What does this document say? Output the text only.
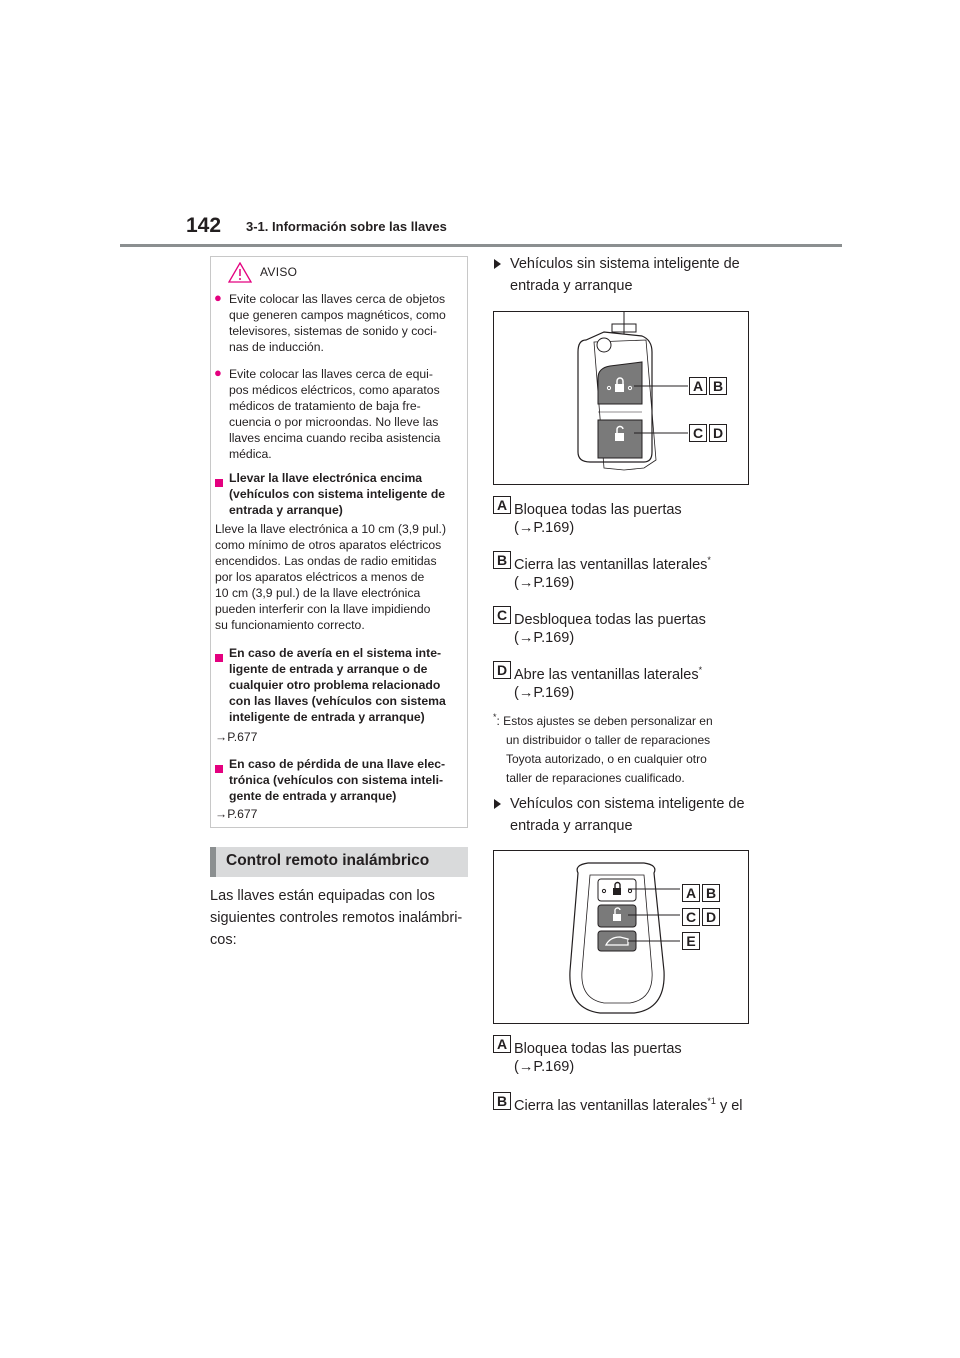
142 3-1. Información sobre las llaves
AVISO
● Evite colocar las llaves cerca de objetos
que generen campos magnéticos, como
televisores, sistemas de sonido y coci-
nas de inducción.
● Evite colocar las llaves cerca de equi-
pos médicos eléctricos, como aparatos
médicos de tratamiento de baja fre-
cuencia o por microondas. No lleve las
llaves encima cuando reciba asistencia
médica.
Llevar la llave electrónica encima
(vehículos con sistema inteligente de
entrada y arranque)
Lleve la llave electrónica a 10 cm (3,9 pul.)
como mínimo de otros aparatos eléctricos
encendidos. Las ondas de radio emitidas
por los aparatos eléctricos a menos de
10 cm (3,9 pul.) de la llave electrónica
pueden interferir con la llave impidiendo
su funcionamiento correcto.
En caso de avería en el sistema inte-
ligente de entrada y arranque o de
cualquier otro problema relacionado
con las llaves (vehículos con sistema
inteligente de entrada y arranque)
→P.677
En caso de pérdida de una llave elec-
trónica (vehículos con sistema inteli-
gente de entrada y arranque)
→P.677
Control remoto inalámbrico
Las llaves están equipadas con los
siguientes controles remotos inalámbri-
cos:
Vehículos sin sistema inteligente de
entrada y arranque
A B
C D
A Bloquea todas las puertas
(→P.169)
B Cierra las ventanillas laterales*
(→P.169)
C Desbloquea todas las puertas
(→P.169)
D Abre las ventanillas laterales*
(→P.169)
*: Estos ajustes se deben personalizar en
un distribuidor o taller de reparaciones
Toyota autorizado, o en cualquier otro
taller de reparaciones cualificado.
Vehículos con sistema inteligente de
entrada y arranque
A B
C D
E
A Bloquea todas las puertas
(→P.169)
B Cierra las ventanillas laterales$^{*1}$ y el
